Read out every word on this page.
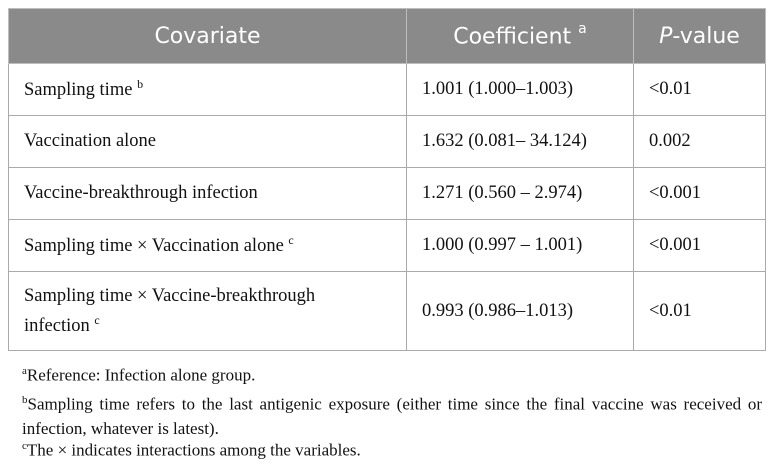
Covariate	Coefficient $^a$	P-value
Sampling time $^b$	1.001 (1.000–1.003)	<0.01
Vaccination alone	1.632 (0.081– 34.124)	0.002
Vaccine-breakthrough infection	1.271 (0.560 – 2.974)	<0.001
Sampling time × Vaccination alone $^c$	1.000 (0.997 – 1.001)	<0.001
Sampling time × Vaccine-breakthrough
infection $^c$	0.993 (0.986–1.013)	<0.01
$^a$Reference: Infection alone group.
$^b$Sampling time refers to the last antigenic exposure (either time since the final vaccine was received or infection, whatever is latest).
$^c$The × indicates interactions among the variables.
